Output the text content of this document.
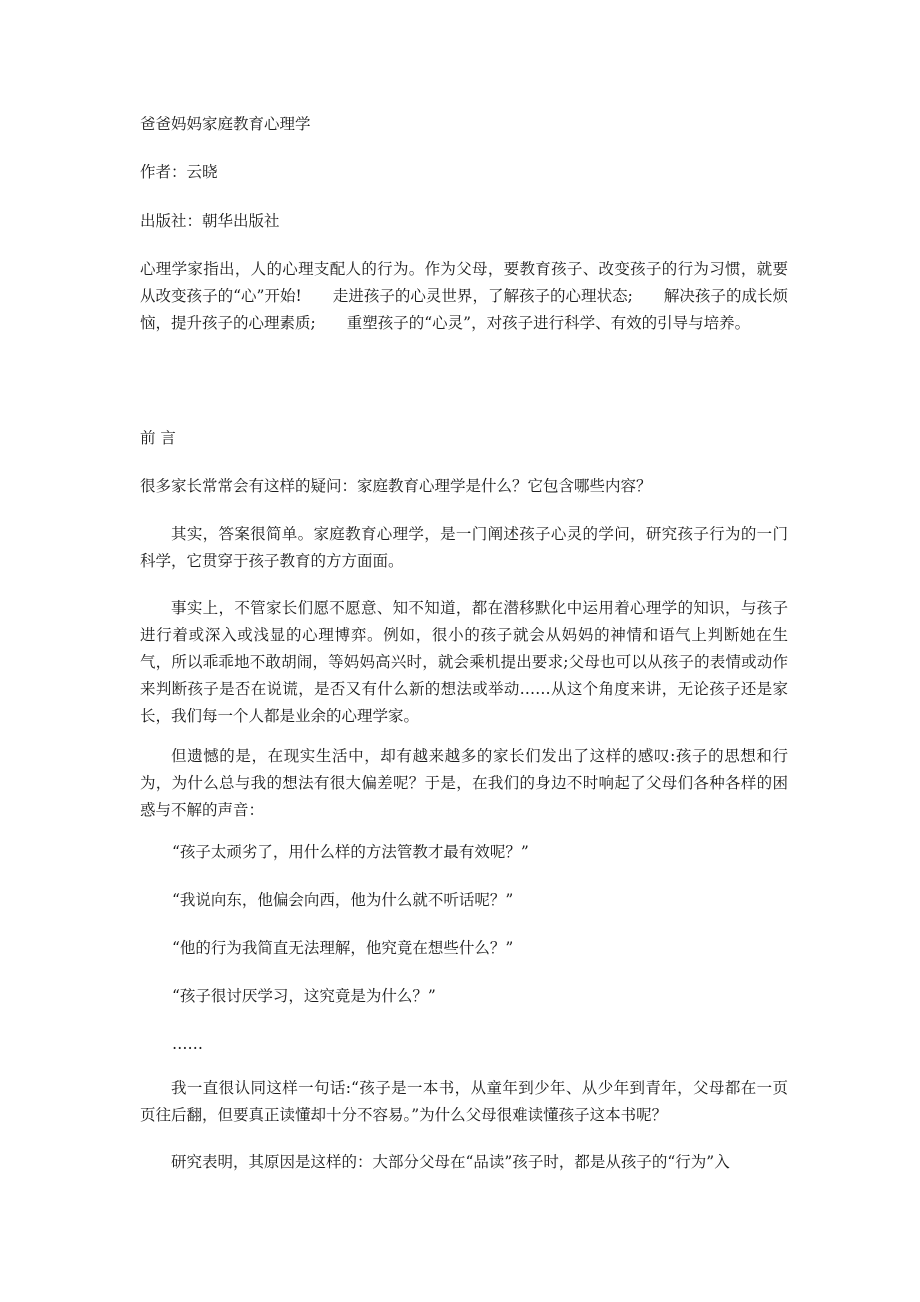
爸爸妈妈家庭教育心理学

作者：云晓

出版社：朝华出版社

心理学家指出，人的心理支配人的行为。作为父母，要教育孩子、改变孩子的行为习惯，就要从改变孩子的“心”开始!　　走进孩子的心灵世界，了解孩子的心理状态;　　解决孩子的成长烦恼，提升孩子的心理素质;　　重塑孩子的“心灵”，对孩子进行科学、有效的引导与培养。

前 言

很多家长常常会有这样的疑问：家庭教育心理学是什么？它包含哪些内容？

其实，答案很简单。家庭教育心理学，是一门阐述孩子心灵的学问，研究孩子行为的一门科学，它贯穿于孩子教育的方方面面。

事实上，不管家长们愿不愿意、知不知道，都在潜移默化中运用着心理学的知识，与孩子进行着或深入或浅显的心理博弈。例如，很小的孩子就会从妈妈的神情和语气上判断她在生气，所以乖乖地不敢胡闹，等妈妈高兴时，就会乘机提出要求;父母也可以从孩子的表情或动作来判断孩子是否在说谎，是否又有什么新的想法或举动……从这个角度来讲，无论孩子还是家长，我们每一个人都是业余的心理学家。

但遗憾的是，在现实生活中，却有越来越多的家长们发出了这样的感叹:孩子的思想和行为，为什么总与我的想法有很大偏差呢？于是，在我们的身边不时响起了父母们各种各样的困惑与不解的声音：

“孩子太顽劣了，用什么样的方法管教才最有效呢？”

“我说向东，他偏会向西，他为什么就不听话呢？”

“他的行为我简直无法理解，他究竟在想些什么？”

“孩子很讨厌学习，这究竟是为什么？”

……

我一直很认同这样一句话:“孩子是一本书，从童年到少年、从少年到青年，父母都在一页页往后翻，但要真正读懂却十分不容易。”为什么父母很难读懂孩子这本书呢？

研究表明，其原因是这样的：大部分父母在“品读”孩子时，都是从孩子的“行为”入
